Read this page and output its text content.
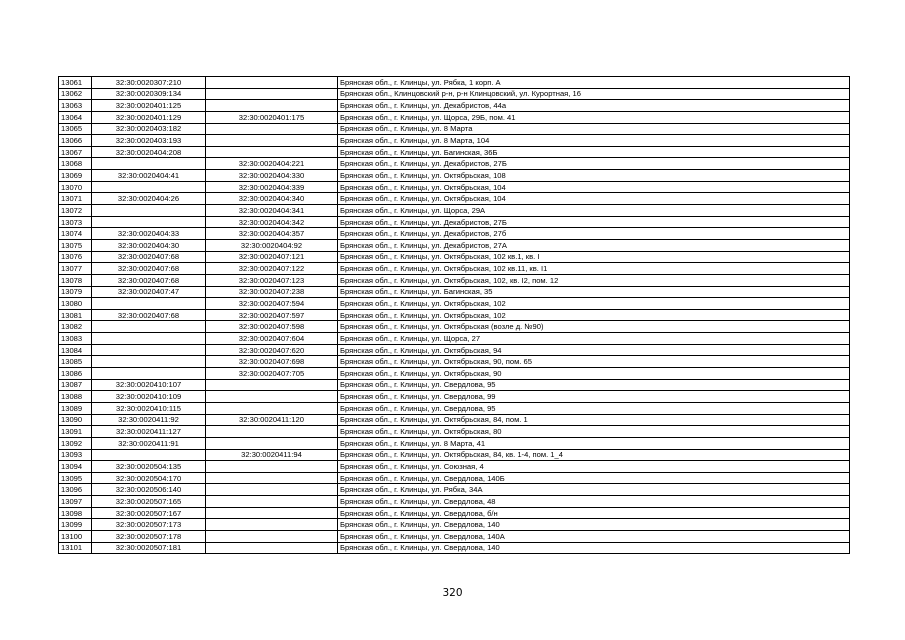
13061	32:30:0020307:210		Брянская обл., г. Клинцы, ул. Рябка, 1 корп. А
13062	32:30:0020309:134		Брянская обл., Клинцовский р-н, р-н Клинцовский, ул. Курортная, 16
13063	32:30:0020401:125		Брянская обл., г. Клинцы, ул. Декабристов, 44а
13064	32:30:0020401:129	32:30:0020401:175	Брянская обл., г. Клинцы, ул. Щорса, 29Б, пом. 41
13065	32:30:0020403:182		Брянская обл., г. Клинцы, ул. 8 Марта
13066	32:30:0020403:193		Брянская обл., г. Клинцы, ул. 8 Марта, 104
13067	32:30:0020404:208		Брянская обл., г. Клинцы, ул. Багинская, 36Б
13068		32:30:0020404:221	Брянская обл., г. Клинцы, ул. Декабристов, 27Б
13069	32:30:0020404:41	32:30:0020404:330	Брянская обл., г. Клинцы, ул. Октябрьская, 108
13070		32:30:0020404:339	Брянская обл., г. Клинцы, ул. Октябрьская, 104
13071	32:30:0020404:26	32:30:0020404:340	Брянская обл., г. Клинцы, ул. Октябрьская, 104
13072		32:30:0020404:341	Брянская обл., г. Клинцы, ул. Щорса, 29А
13073		32:30:0020404:342	Брянская обл., г. Клинцы, ул. Декабристов, 27Б
13074	32:30:0020404:33	32:30:0020404:357	Брянская обл., г. Клинцы, ул. Декабристов, 27б
13075	32:30:0020404:30	32:30:0020404:92	Брянская обл., г. Клинцы, ул. Декабристов, 27А
13076	32:30:0020407:68	32:30:0020407:121	Брянская обл., г. Клинцы, ул. Октябрьская, 102 кв.1, кв. I
13077	32:30:0020407:68	32:30:0020407:122	Брянская обл., г. Клинцы, ул. Октябрьская, 102 кв.11, кв. I1
13078	32:30:0020407:68	32:30:0020407:123	Брянская обл., г. Клинцы, ул. Октябрьская, 102, кв. I2, пом. 12
13079	32:30:0020407:47	32:30:0020407:238	Брянская обл., г. Клинцы, ул. Багинская, 35
13080		32:30:0020407:594	Брянская обл., г. Клинцы, ул. Октябрьская, 102
13081	32:30:0020407:68	32:30:0020407:597	Брянская обл., г. Клинцы, ул. Октябрьская, 102
13082		32:30:0020407:598	Брянская обл., г. Клинцы, ул. Октябрьская (возле д. №90)
13083		32:30:0020407:604	Брянская обл., г. Клинцы, ул. Щорса, 27
13084		32:30:0020407:620	Брянская обл., г. Клинцы, ул. Октябрьская, 94
13085		32:30:0020407:698	Брянская обл., г. Клинцы, ул. Октябрьская, 90, пом. 65
13086		32:30:0020407:705	Брянская обл., г. Клинцы, ул. Октябрьская, 90
13087	32:30:0020410:107		Брянская обл., г. Клинцы, ул. Свердлова, 95
13088	32:30:0020410:109		Брянская обл., г. Клинцы, ул. Свердлова, 99
13089	32:30:0020410:115		Брянская обл., г. Клинцы, ул. Свердлова, 95
13090	32:30:0020411:92	32:30:0020411:120	Брянская обл., г. Клинцы, ул. Октябрьская, 84, пом. 1
13091	32:30:0020411:127		Брянская обл., г. Клинцы, ул. Октябрьская, 80
13092	32:30:0020411:91		Брянская обл., г. Клинцы, ул. 8 Марта, 41
13093		32:30:0020411:94	Брянская обл., г. Клинцы, ул. Октябрьская, 84, кв. 1-4, пом. 1_4
13094	32:30:0020504:135		Брянская обл., г. Клинцы, ул. Союзная, 4
13095	32:30:0020504:170		Брянская обл., г. Клинцы, ул. Свердлова, 140Б
13096	32:30:0020506:140		Брянская обл., г. Клинцы, ул. Рябка, 34А
13097	32:30:0020507:165		Брянская обл., г. Клинцы, ул. Свердлова, 48
13098	32:30:0020507:167		Брянская обл., г. Клинцы, ул. Свердлова, б/н
13099	32:30:0020507:173		Брянская обл., г. Клинцы, ул. Свердлова, 140
13100	32:30:0020507:178		Брянская обл., г. Клинцы, ул. Свердлова, 140А
13101	32:30:0020507:181		Брянская обл., г. Клинцы, ул. Свердлова, 140
320
